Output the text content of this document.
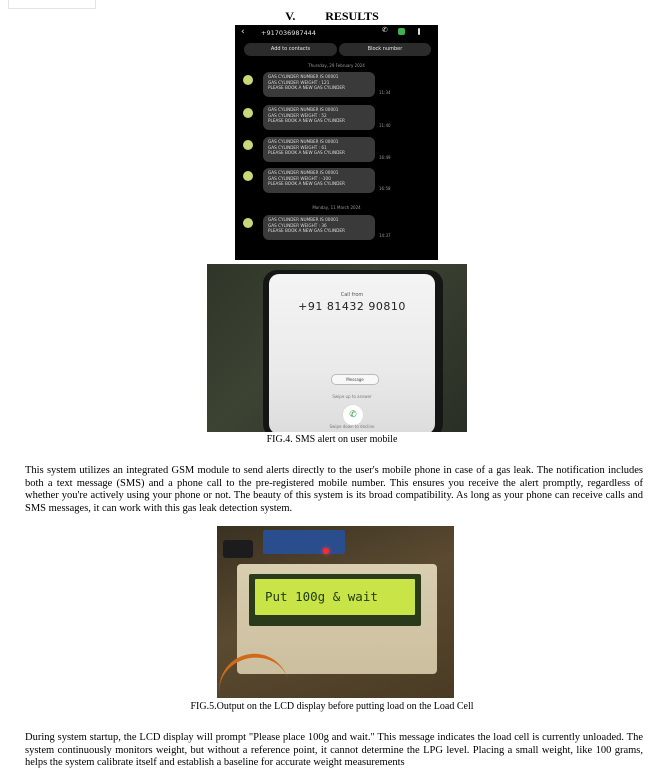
V. RESULTS
‹	+917036987444	✆
Add to contacts	Block number
Thursday, 29 February 2024
GAS CYLINDER NUMBER IS 00001
GAS CYLINDER WEIGHT : 121
PLEASE BOOK A NEW GAS CYLINDER
11:34
GAS CYLINDER NUMBER IS 00001
GAS CYLINDER WEIGHT : 52
PLEASE BOOK A NEW GAS CYLINDER
11:40
GAS CYLINDER NUMBER IS 00001
GAS CYLINDER WEIGHT : 61
PLEASE BOOK A NEW GAS CYLINDER
16:49
GAS CYLINDER NUMBER IS 00001
GAS CYLINDER WEIGHT : -100
PLEASE BOOK A NEW GAS CYLINDER
16:58
Monday, 11 March 2024
GAS CYLINDER NUMBER IS 00001
GAS CYLINDER WEIGHT : 36
PLEASE BOOK A NEW GAS CYLINDER
14:37
Call from
+91 81432 90810
Message
Swipe up to answer
✆
Swipe down to decline
FIG.4. SMS alert on user mobile
This system utilizes an integrated GSM module to send alerts directly to the user's mobile phone in case of a gas leak. The notification includes both a text message (SMS) and a phone call to the pre-registered mobile number. This ensures you receive the alert promptly, regardless of whether you're actively using your phone or not. The beauty of this system is its broad compatibility. As long as your phone can receive calls and SMS messages, it can work with this gas leak detection system.
Put 100g & wait
FIG.5.Output on the LCD display before putting load on the Load Cell
During system startup, the LCD display will prompt "Please place 100g and wait." This message indicates the load cell is currently unloaded. The system continuously monitors weight, but without a reference point, it cannot determine the LPG level. Placing a small weight, like 100 grams, helps the system calibrate itself and establish a baseline for accurate weight measurements
